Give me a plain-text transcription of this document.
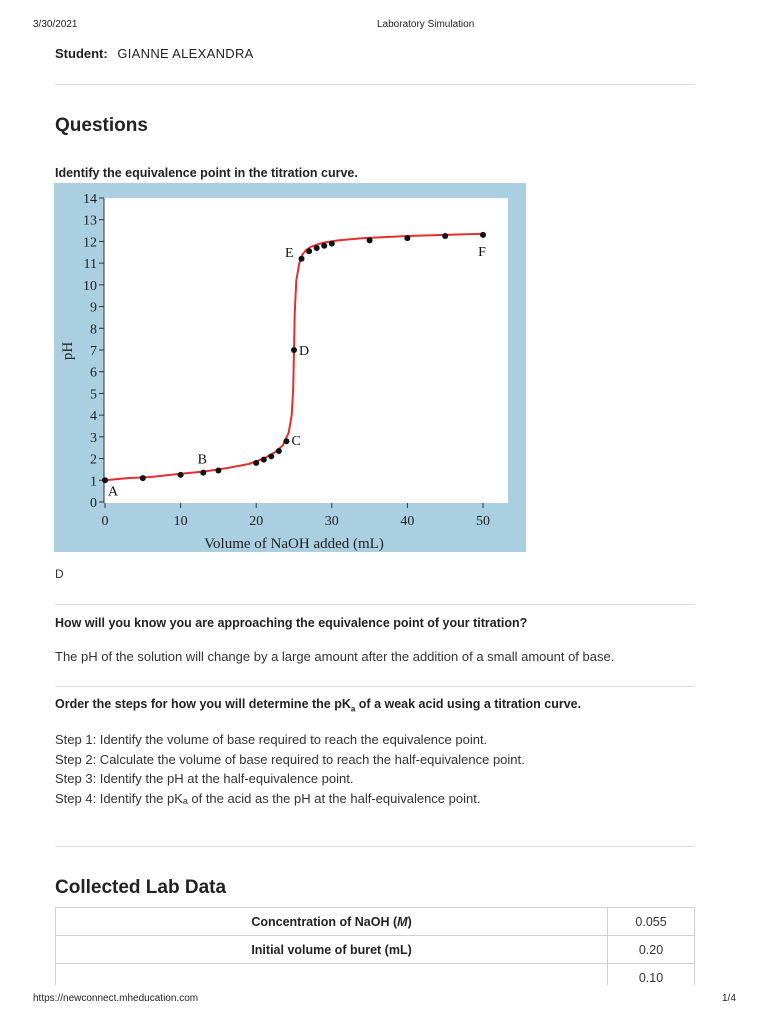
3/30/2021	Laboratory Simulation
Student: GIANNE ALEXANDRA
Questions
Identify the equivalence point in the titration curve.
0
1
2
3
4
5
6
7
8
9
10
11
12
13
14
0	10	20	30	40	50
Volume of NaOH added (mL)
pH
A
B
C
D
E	F
D
How will you know you are approaching the equivalence point of your titration?
The pH of the solution will change by a large amount after the addition of a small amount of base.
Order the steps for how you will determine the $pK_a$ of a weak acid using a titration curve.
Step 1: Identify the volume of base required to reach the equivalence point.
Step 2: Calculate the volume of base required to reach the half-equivalence point.
Step 3: Identify the pH at the half-equivalence point.
Step 4: Identify the pKₐ of the acid as the pH at the half-equivalence point.
Collected Lab Data
Concentration of NaOH (M)	0.055
Initial volume of buret (mL)	0.20
	0.10
https://newconnect.mheducation.com	1/4
